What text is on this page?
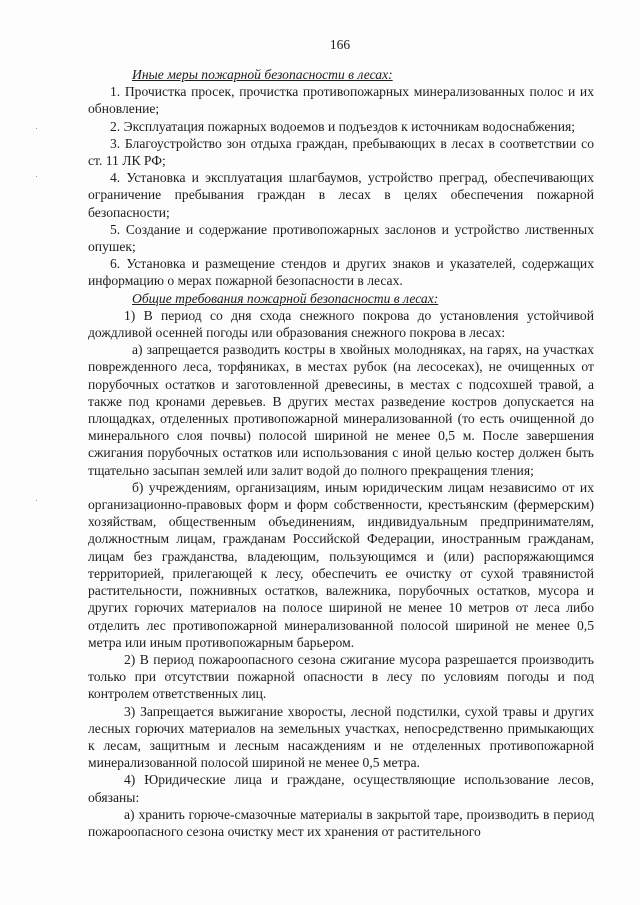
166

Иные меры пожарной безопасности в лесах:

1. Прочистка просек, прочистка противопожарных минерализованных полос и их обновление;

2. Эксплуатация пожарных водоемов и подъездов к источникам водоснабжения;

3. Благоустройство зон отдыха граждан, пребывающих в лесах в соответствии со ст. 11 ЛК РФ;

4. Установка и эксплуатация шлагбаумов, устройство преград, обеспечивающих ограничение пребывания граждан в лесах в целях обеспечения пожарной безопасности;

5. Создание и содержание противопожарных заслонов и устройство лиственных опушек;

6. Установка и размещение стендов и других знаков и указателей, содержащих информацию о мерах пожарной безопасности в лесах.

Общие требования пожарной безопасности в лесах:

1) В период со дня схода снежного покрова до установления устойчивой дождливой осенней погоды или образования снежного покрова в лесах:

а) запрещается разводить костры в хвойных молодняках, на гарях, на участках поврежденного леса, торфяниках, в местах рубок (на лесосеках), не очищенных от порубочных остатков и заготовленной древесины, в местах с подсохшей травой, а также под кронами деревьев. В других местах разведение костров допускается на площадках, отделенных противопожарной минерализованной (то есть очищенной до минерального слоя почвы) полосой шириной не менее 0,5 м. После завершения сжигания порубочных остатков или использования с иной целью костер должен быть тщательно засыпан землей или залит водой до полного прекращения тления;

б) учреждениям, организациям, иным юридическим лицам независимо от их организационно-правовых форм и форм собственности, крестьянским (фермерским) хозяйствам, общественным объединениям, индивидуальным предпринимателям, должностным лицам, гражданам Российской Федерации, иностранным гражданам, лицам без гражданства, владеющим, пользующимся и (или) распоряжающимся территорией, прилегающей к лесу, обеспечить ее очистку от сухой травянистой растительности, пожнивных остатков, валежника, порубочных остатков, мусора и других горючих материалов на полосе шириной не менее 10 метров от леса либо отделить лес противопожарной минерализованной полосой шириной не менее 0,5 метра или иным противопожарным барьером.

2) В период пожароопасного сезона сжигание мусора разрешается производить только при отсутствии пожарной опасности в лесу по условиям погоды и под контролем ответственных лиц.

3) Запрещается выжигание хворосты, лесной подстилки, сухой травы и других лесных горючих материалов на земельных участках, непосредственно примыкающих к лесам, защитным и лесным насаждениям и не отделенных противопожарной минерализованной полосой шириной не менее 0,5 метра.

4) Юридические лица и граждане, осуществляющие использование лесов, обязаны:

а) хранить горюче-смазочные материалы в закрытой таре, производить в период пожароопасного сезона очистку мест их хранения от растительного
